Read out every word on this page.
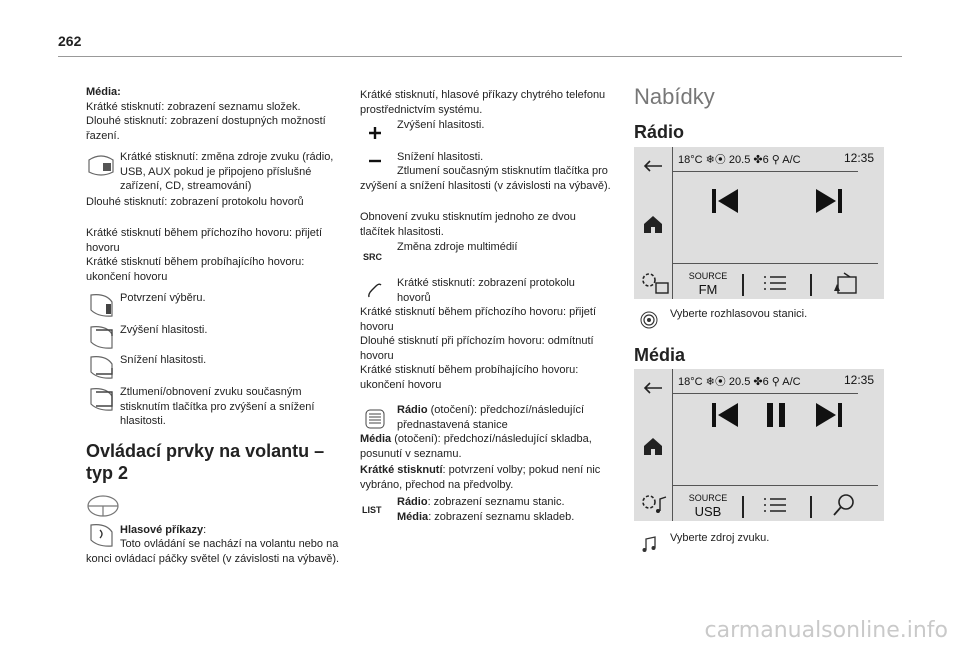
262

Média:

Krátké stisknutí: zobrazení seznamu složek.

Dlouhé stisknutí: zobrazení dostupných možností řazení.

Krátké stisknutí: změna zdroje zvuku (rádio, USB, AUX pokud je připojeno příslušné zařízení, CD, streamování)
Dlouhé stisknutí: zobrazení protokolu hovorů

Krátké stisknutí během příchozího hovoru: přijetí hovoru

Krátké stisknutí během probíhajícího hovoru: ukončení hovoru

Potvrzení výběru.
Zvýšení hlasitosti.
Snížení hlasitosti.
Ztlumení/obnovení zvuku současným stisknutím tlačítka pro zvýšení a snížení hlasitosti.
Ovládací prvky na volantu – typ 2
Hlasové příkazy:
Toto ovládání se nachází na volantu nebo na konci ovládací páčky světel (v závislosti na výbavě).
Krátké stisknutí, hlasové příkazy chytrého telefonu prostřednictvím systému.
Zvýšení hlasitosti.
Snížení hlasitosti.
Ztlumení současným stisknutím tlačítka pro zvýšení a snížení hlasitosti (v závislosti na výbavě).
Obnovení zvuku stisknutím jednoho ze dvou tlačítek hlasitosti.
SRC
Změna zdroje multimédií
Krátké stisknutí: zobrazení protokolu hovorů

Krátké stisknutí během příchozího hovoru: přijetí hovoru

Dlouhé stisknutí při příchozím hovoru: odmítnutí hovoru

Krátké stisknutí během probíhajícího hovoru: ukončení hovoru

Rádio (otočení): předchozí/následující přednastavená stanice
Média (otočení): předchozí/následující skladba, posunutí v seznamu.
Krátké stisknutí: potvrzení volby; pokud není nic vybráno, přechod na předvolby.
LIST
Rádio: zobrazení seznamu stanic.
Média: zobrazení seznamu skladeb.
Nabídky
Rádio
18°C ❄⦿ 20.5 ✤6 ⚲ A/C	12:35
SOURCE
FM
Vyberte rozhlasovou stanici.
Média
18°C ❄⦿ 20.5 ✤6 ⚲ A/C	12:35
SOURCE
USB
Vyberte zdroj zvuku.
carmanualsonline.info
